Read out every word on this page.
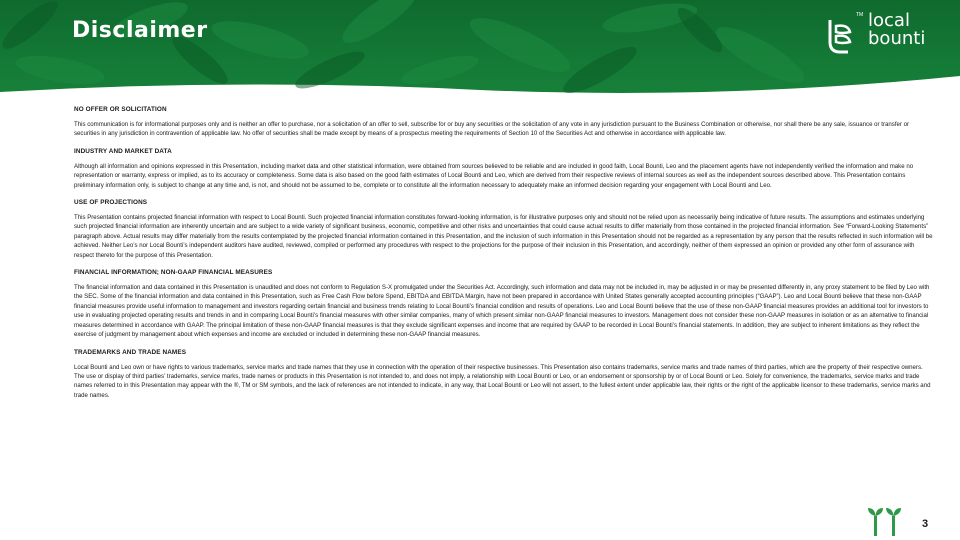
Disclaimer
TM local
bounti
NO OFFER OR SOLICITATION
This communication is for informational purposes only and is neither an offer to purchase, nor a solicitation of an offer to sell, subscribe for or buy any securities or the solicitation of any vote in any jurisdiction pursuant to the Business Combination or otherwise, nor shall there be any sale, issuance or transfer or securities in any jurisdiction in contravention of applicable law. No offer of securities shall be made except by means of a prospectus meeting the requirements of Section 10 of the Securities Act and otherwise in accordance with applicable law.
INDUSTRY AND MARKET DATA
Although all information and opinions expressed in this Presentation, including market data and other statistical information, were obtained from sources believed to be reliable and are included in good faith, Local Bounti, Leo and the placement agents have not independently verified the information and make no representation or warranty, express or implied, as to its accuracy or completeness. Some data is also based on the good faith estimates of Local Bounti and Leo, which are derived from their respective reviews of internal sources as well as the independent sources described above. This Presentation contains preliminary information only, is subject to change at any time and, is not, and should not be assumed to be, complete or to constitute all the information necessary to adequately make an informed decision regarding your engagement with Local Bounti and Leo.
USE OF PROJECTIONS
This Presentation contains projected financial information with respect to Local Bounti. Such projected financial information constitutes forward-looking information, is for illustrative purposes only and should not be relied upon as necessarily being indicative of future results. The assumptions and estimates underlying such projected financial information are inherently uncertain and are subject to a wide variety of significant business, economic, competitive and other risks and uncertainties that could cause actual results to differ materially from those contained in the projected financial information. See “Forward-Looking Statements” paragraph above. Actual results may differ materially from the results contemplated by the projected financial information contained in this Presentation, and the inclusion of such information in this Presentation should not be regarded as a representation by any person that the results reflected in such information will be achieved. Neither Leo’s nor Local Bounti’s independent auditors have audited, reviewed, compiled or performed any procedures with respect to the projections for the purpose of their inclusion in this Presentation, and accordingly, neither of them expressed an opinion or provided any other form of assurance with respect thereto for the purpose of this Presentation.
FINANCIAL INFORMATION; NON-GAAP FINANCIAL MEASURES
The financial information and data contained in this Presentation is unaudited and does not conform to Regulation S-X promulgated under the Securities Act. Accordingly, such information and data may not be included in, may be adjusted in or may be presented differently in, any proxy statement to be filed by Leo with the SEC. Some of the financial information and data contained in this Presentation, such as Free Cash Flow before Spend, EBITDA and EBITDA Margin, have not been prepared in accordance with United States generally accepted accounting principles (“GAAP”). Leo and Local Bounti believe that these non-GAAP financial measures provide useful information to management and investors regarding certain financial and business trends relating to Local Bounti’s financial condition and results of operations. Leo and Local Bounti believe that the use of these non-GAAP financial measures provides an additional tool for investors to use in evaluating projected operating results and trends in and in comparing Local Bounti’s financial measures with other similar companies, many of which present similar non-GAAP financial measures to investors. Management does not consider these non-GAAP measures in isolation or as an alternative to financial measures determined in accordance with GAAP. The principal limitation of these non-GAAP financial measures is that they exclude significant expenses and income that are required by GAAP to be recorded in Local Bounti’s financial statements. In addition, they are subject to inherent limitations as they reflect the exercise of judgment by management about which expenses and income are excluded or included in determining these non-GAAP financial measures.
TRADEMARKS AND TRADE NAMES
Local Bounti and Leo own or have rights to various trademarks, service marks and trade names that they use in connection with the operation of their respective businesses. This Presentation also contains trademarks, service marks and trade names of third parties, which are the property of their respective owners. The use or display of third parties’ trademarks, service marks, trade names or products in this Presentation is not intended to, and does not imply, a relationship with Local Bounti or Leo, or an endorsement or sponsorship by or of Local Bounti or Leo. Solely for convenience, the trademarks, service marks and trade names referred to in this Presentation may appear with the ®, TM or SM symbols, and the lack of references are not intended to indicate, in any way, that Local Bounti or Leo will not assert, to the fullest extent under applicable law, their rights or the right of the applicable licensor to these trademarks, service marks and trade names.
3
